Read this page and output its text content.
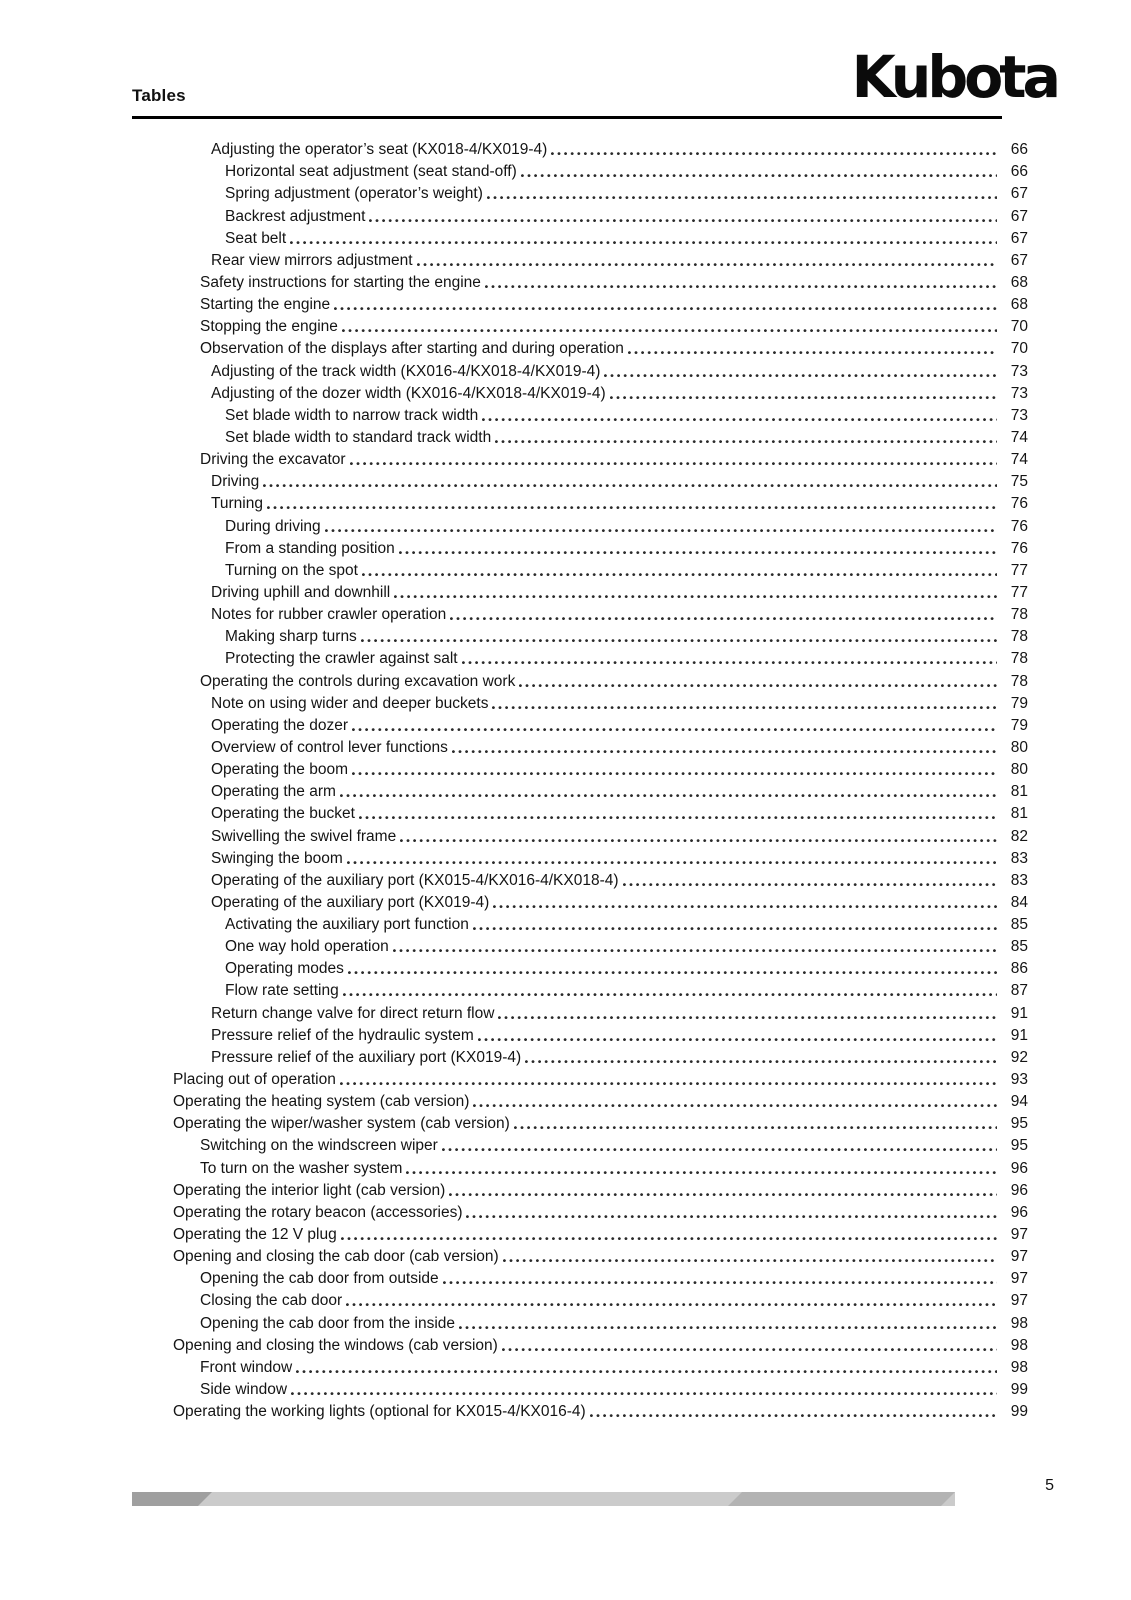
Tables	Kubota
Adjusting the operator’s seat (KX018-4/KX019-4)	66
Horizontal seat adjustment (seat stand-off)	66
Spring adjustment (operator’s weight)	67
Backrest adjustment	67
Seat belt	67
Rear view mirrors adjustment	67
Safety instructions for starting the engine	68
Starting the engine	68
Stopping the engine	70
Observation of the displays after starting and during operation	70
Adjusting of the track width (KX016-4/KX018-4/KX019-4)	73
Adjusting of the dozer width (KX016-4/KX018-4/KX019-4)	73
Set blade width to narrow track width	73
Set blade width to standard track width	74
Driving the excavator	74
Driving	75
Turning	76
During driving	76
From a standing position	76
Turning on the spot	77
Driving uphill and downhill	77
Notes for rubber crawler operation	78
Making sharp turns	78
Protecting the crawler against salt	78
Operating the controls during excavation work	78
Note on using wider and deeper buckets	79
Operating the dozer	79
Overview of control lever functions	80
Operating the boom	80
Operating the arm	81
Operating the bucket	81
Swivelling the swivel frame	82
Swinging the boom	83
Operating of the auxiliary port (KX015-4/KX016-4/KX018-4)	83
Operating of the auxiliary port (KX019-4)	84
Activating the auxiliary port function	85
One way hold operation	85
Operating modes	86
Flow rate setting	87
Return change valve for direct return flow	91
Pressure relief of the hydraulic system	91
Pressure relief of the auxiliary port (KX019-4)	92
Placing out of operation	93
Operating the heating system (cab version)	94
Operating the wiper/washer system (cab version)	95
Switching on the windscreen wiper	95
To turn on the washer system	96
Operating the interior light (cab version)	96
Operating the rotary beacon (accessories)	96
Operating the 12 V plug	97
Opening and closing the cab door (cab version)	97
Opening the cab door from outside	97
Closing the cab door	97
Opening the cab door from the inside	98
Opening and closing the windows (cab version)	98
Front window	98
Side window	99
Operating the working lights (optional for KX015-4/KX016-4)	99
5
